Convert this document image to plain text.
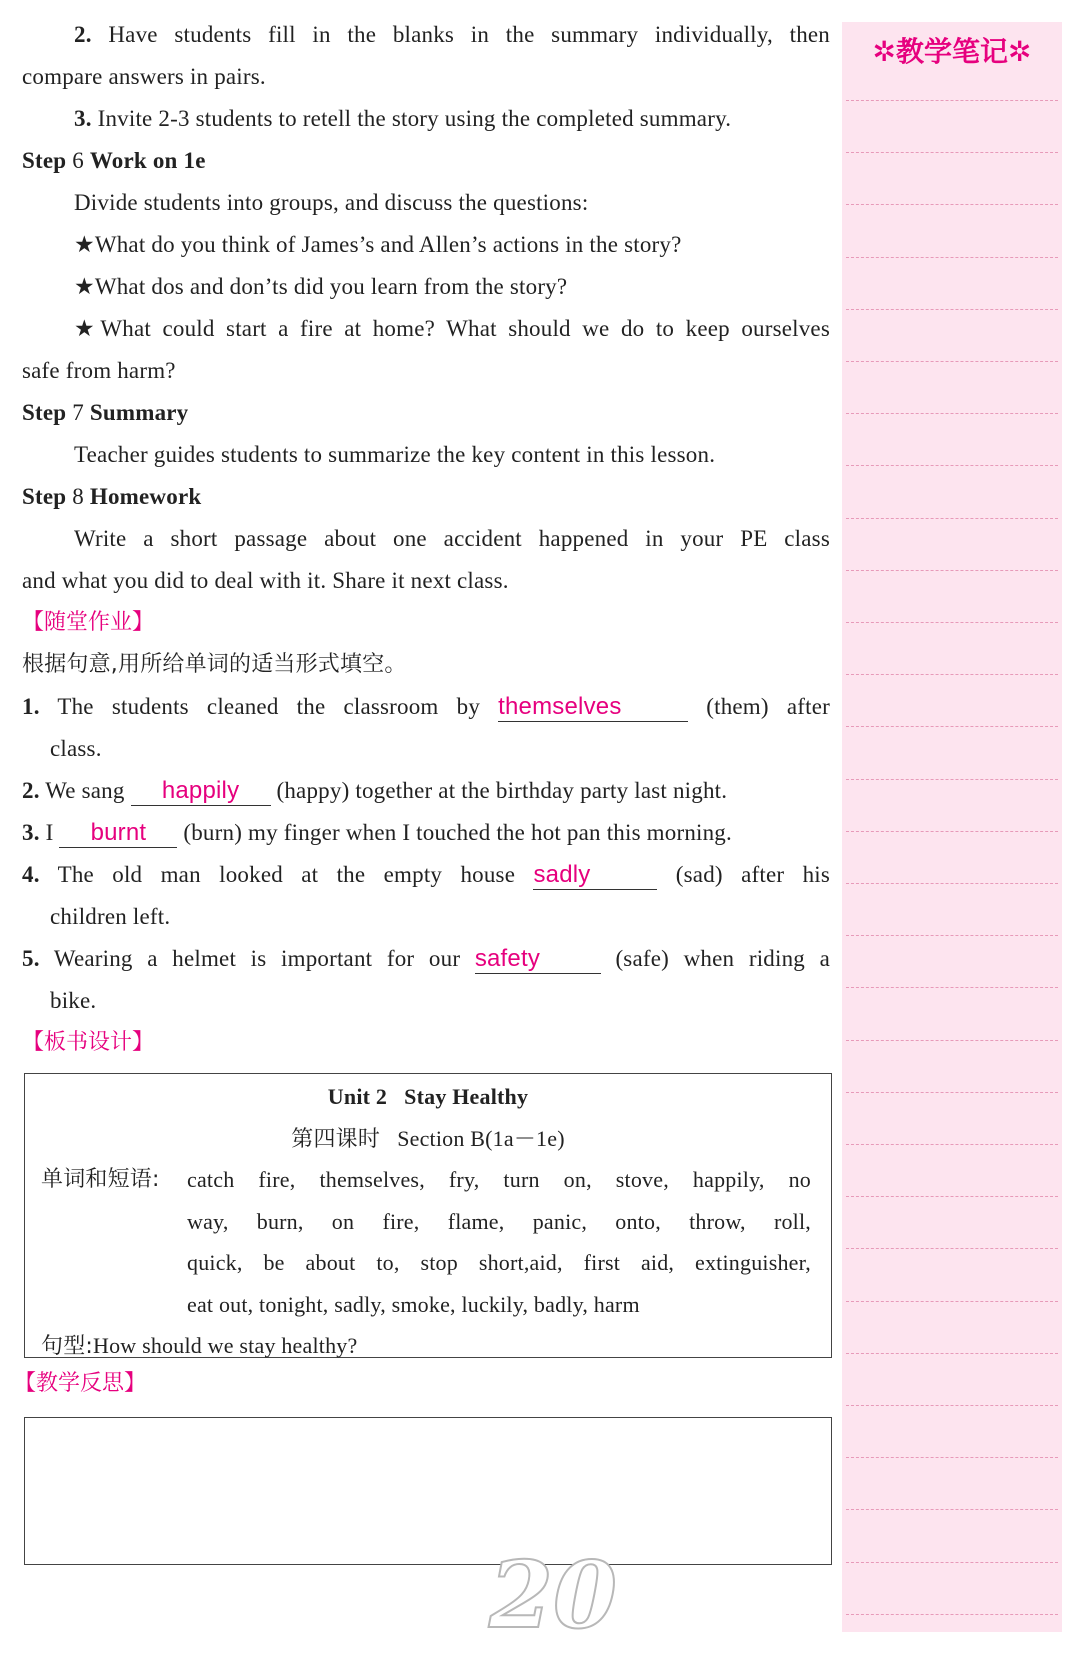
2. Have students fill in the blanks in the summary individually, then
compare answers in pairs.
3. Invite 2-3 students to retell the story using the completed summary.
Step 6 Work on 1e
Divide students into groups, and discuss the questions:
★What do you think of James’s and Allen’s actions in the story?
★What dos and don’ts did you learn from the story?
★What could start a fire at home? What should we do to keep ourselves
safe from harm?
Step 7 Summary
Teacher guides students to summarize the key content in this lesson.
Step 8 Homework
Write a short passage about one accident happened in your PE class
and what you did to deal with it. Share it next class.
【随堂作业】
根据句意,用所给单词的适当形式填空。
1. The students cleaned the classroom by themselves	(them) after
class.
2. We sang happily (happy) together at the birthday party last night.
3. I burnt (burn) my finger when I touched the hot pan this morning.
4. The old man looked at the empty house sadly	(sad) after his
children left.
5. Wearing a helmet is important for our safety	(safe) when riding a
bike.
【板书设计】
Unit 2 Stay Healthy
第四课时 Section B(1a－1e)
单词和短语: catch fire, themselves, fry, turn on, stove, happily, no
way, burn, on fire, flame, panic, onto, throw, roll,
quick, be about to, stop short,aid, first aid, extinguisher,
eat out, tonight, sadly, smoke, luckily, badly, harm
句型:How should we stay healthy?
【教学反思】
✲教学笔记✲
20
